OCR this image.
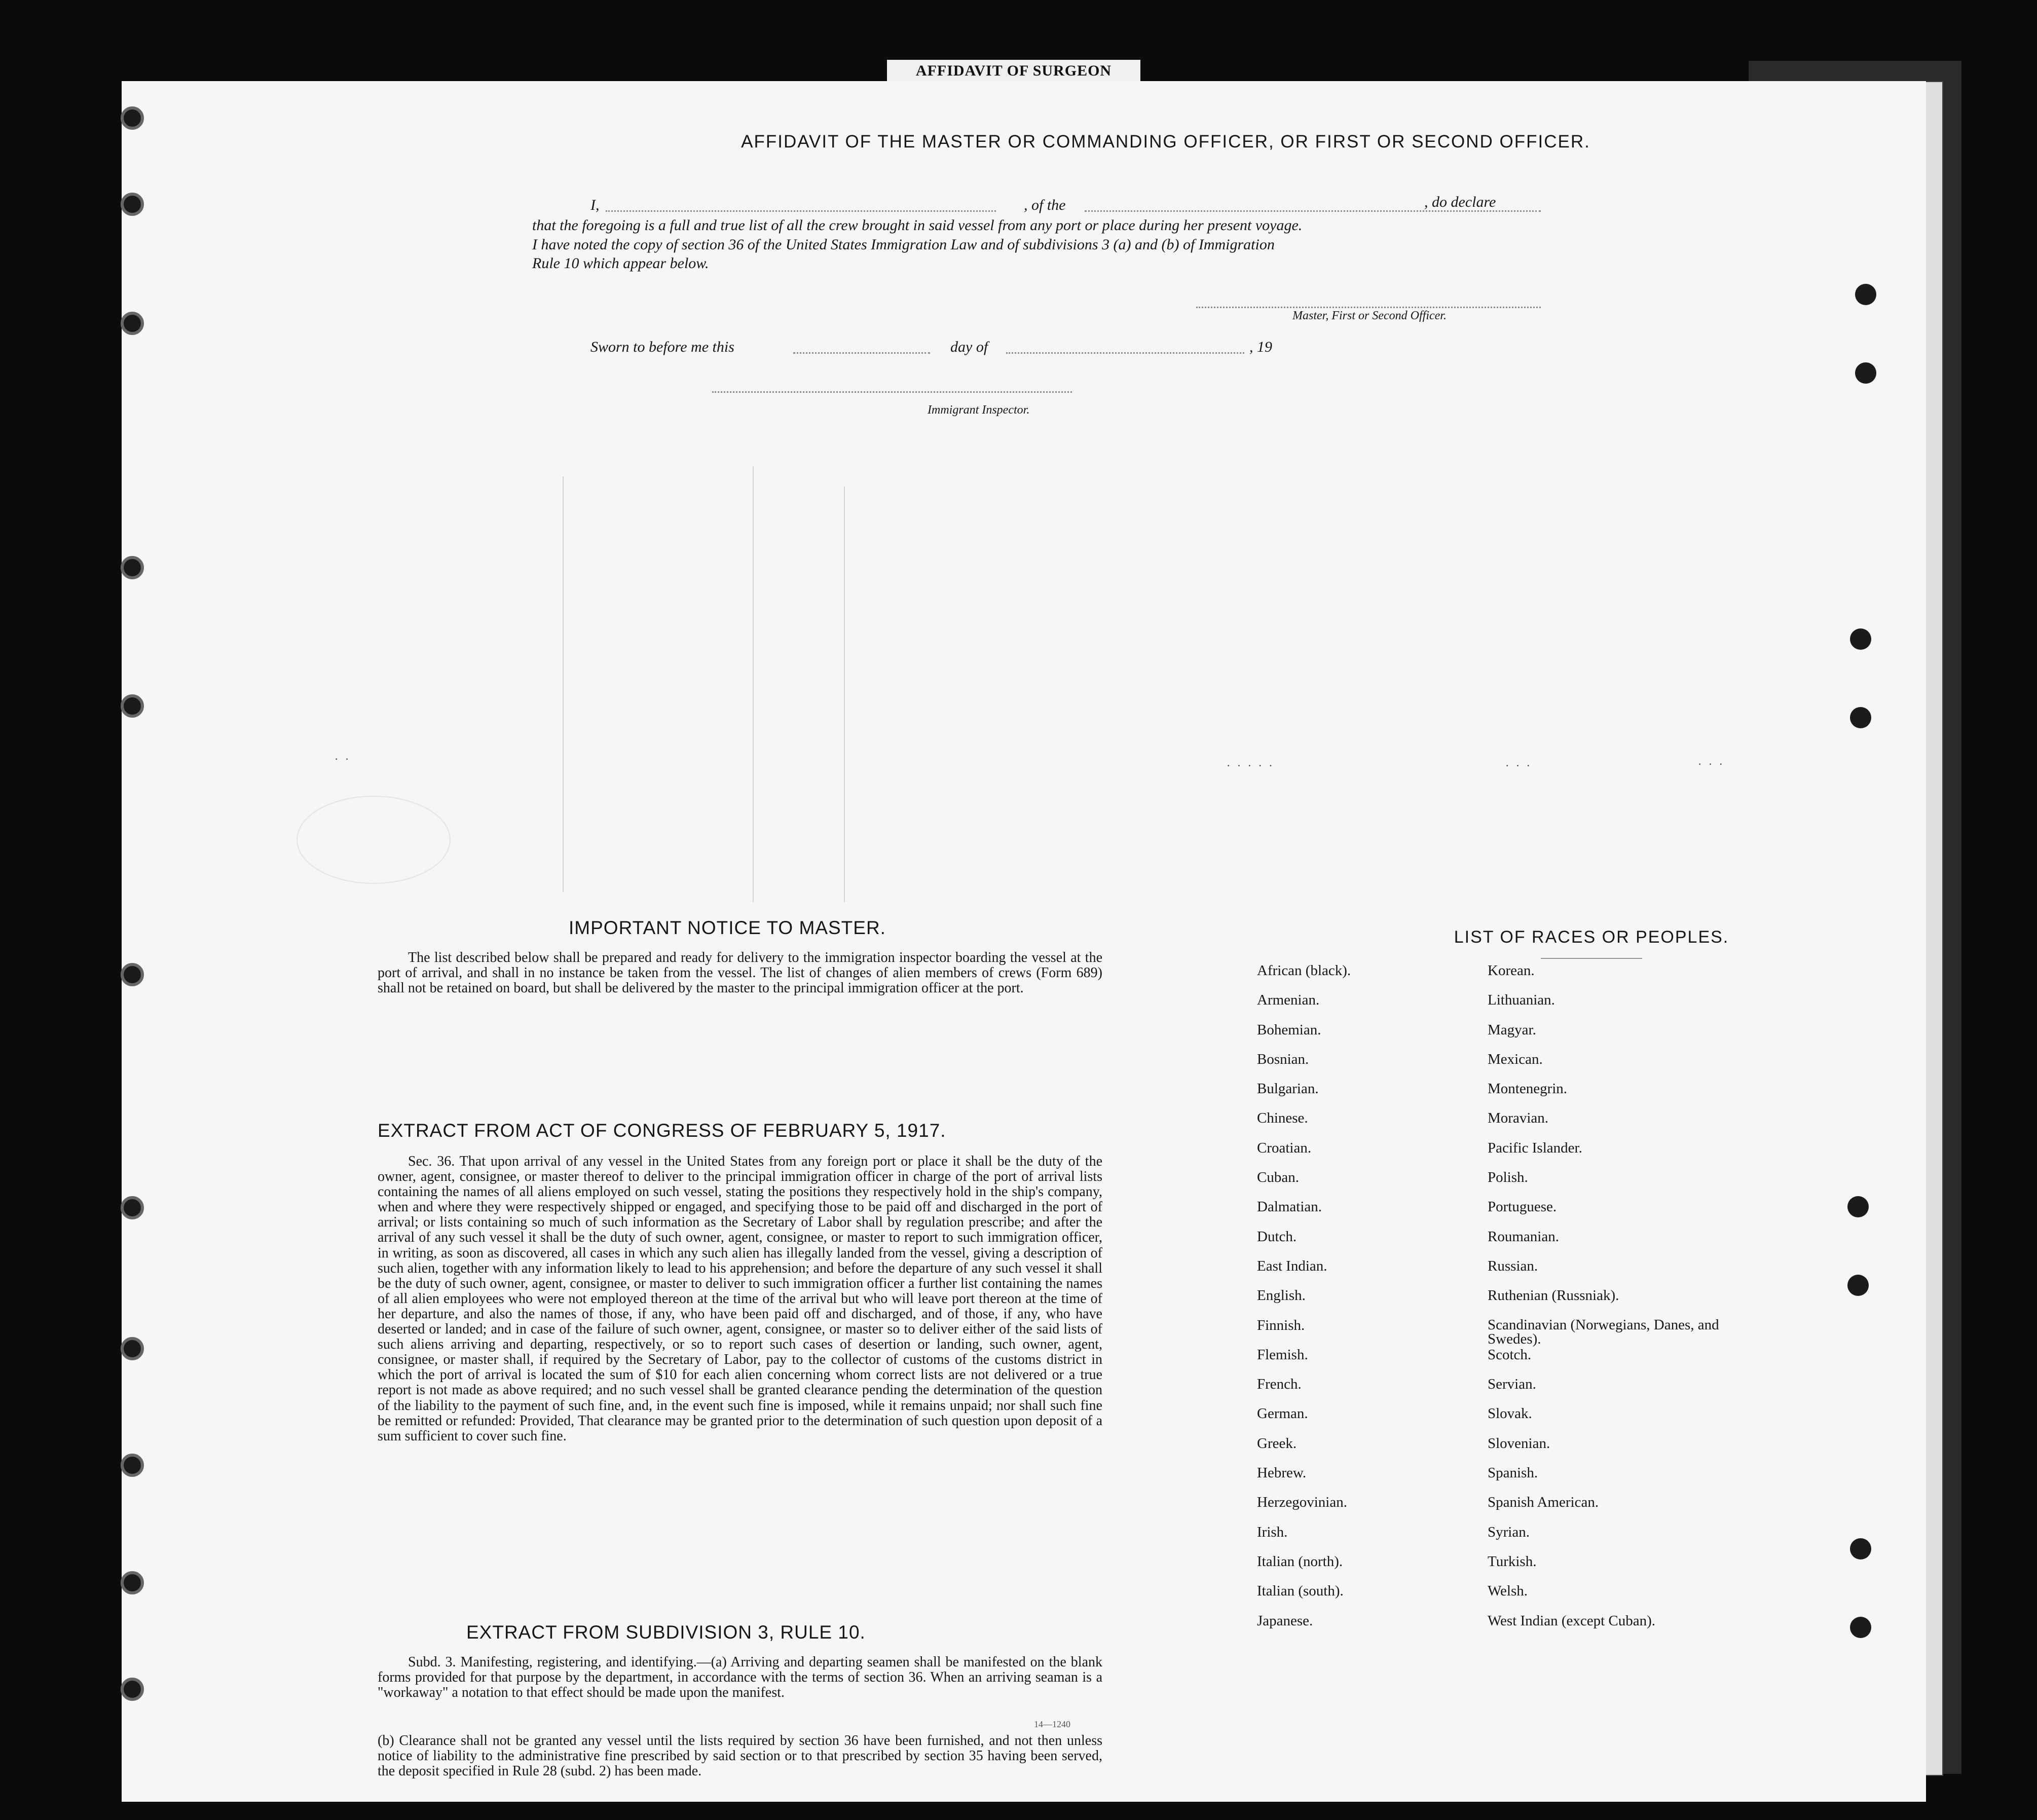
AFFIDAVIT OF SURGEON
AFFIDAVIT OF THE MASTER OR COMMANDING OFFICER, OR FIRST OR SECOND OFFICER.
I,	, of the	, do declare
that the foregoing is a full and true list of all the crew brought in said vessel from any port or place during her present voyage.
I have noted the copy of section 36 of the United States Immigration Law and of subdivisions 3 (a) and (b) of Immigration
Rule 10 which appear below.
Master, First or Second Officer.
Sworn to before me this	day of	, 19
Immigrant Inspector.
IMPORTANT NOTICE TO MASTER.
The list described below shall be prepared and ready for delivery to the immigration inspector boarding the vessel at the port of arrival, and shall in no instance be taken from the vessel. The list of changes of alien members of crews (Form 689) shall not be retained on board, but shall be delivered by the master to the principal immigration officer at the port.
EXTRACT FROM ACT OF CONGRESS OF FEBRUARY 5, 1917.
Sec. 36. That upon arrival of any vessel in the United States from any foreign port or place it shall be the duty of the owner, agent, consignee, or master thereof to deliver to the principal immigration officer in charge of the port of arrival lists containing the names of all aliens employed on such vessel, stating the positions they respectively hold in the ship's company, when and where they were respectively shipped or engaged, and specifying those to be paid off and discharged in the port of arrival; or lists containing so much of such information as the Secretary of Labor shall by regulation prescribe; and after the arrival of any such vessel it shall be the duty of such owner, agent, consignee, or master to report to such immigration officer, in writing, as soon as discovered, all cases in which any such alien has illegally landed from the vessel, giving a description of such alien, together with any information likely to lead to his apprehension; and before the departure of any such vessel it shall be the duty of such owner, agent, consignee, or master to deliver to such immigration officer a further list containing the names of all alien employees who were not employed thereon at the time of the arrival but who will leave port thereon at the time of her departure, and also the names of those, if any, who have been paid off and discharged, and of those, if any, who have deserted or landed; and in case of the failure of such owner, agent, consignee, or master so to deliver either of the said lists of such aliens arriving and departing, respectively, or so to report such cases of desertion or landing, such owner, agent, consignee, or master shall, if required by the Secretary of Labor, pay to the collector of customs of the customs district in which the port of arrival is located the sum of $10 for each alien concerning whom correct lists are not delivered or a true report is not made as above required; and no such vessel shall be granted clearance pending the determination of the question of the liability to the payment of such fine, and, in the event such fine is imposed, while it remains unpaid; nor shall such fine be remitted or refunded: Provided, That clearance may be granted prior to the determination of such question upon deposit of a sum sufficient to cover such fine.
EXTRACT FROM SUBDIVISION 3, RULE 10.
Subd. 3. Manifesting, registering, and identifying.—(a) Arriving and departing seamen shall be manifested on the blank forms provided for that purpose by the department, in accordance with the terms of section 36. When an arriving seaman is a "workaway" a notation to that effect should be made upon the manifest.
(b) Clearance shall not be granted any vessel until the lists required by section 36 have been furnished, and not then unless notice of liability to the administrative fine prescribed by said section or to that prescribed by section 35 having been served, the deposit specified in Rule 28 (subd. 2) has been made.
14—1240
LIST OF RACES OR PEOPLES.
African (black).
Armenian.
Bohemian.
Bosnian.
Bulgarian.
Chinese.
Croatian.
Cuban.
Dalmatian.
Dutch.
East Indian.
English.
Finnish.
Flemish.
French.
German.
Greek.
Hebrew.
Herzegovinian.
Irish.
Italian (north).
Italian (south).
Japanese.
Korean.
Lithuanian.
Magyar.
Mexican.
Montenegrin.
Moravian.
Pacific Islander.
Polish.
Portuguese.
Roumanian.
Russian.
Ruthenian (Russniak).
Scandinavian (Norwegians, Danes, and Swedes).
Scotch.
Servian.
Slovak.
Slovenian.
Spanish.
Spanish American.
Syrian.
Turkish.
Welsh.
West Indian (except Cuban).
· · · · ·	· · ·	· · ·
· ·
